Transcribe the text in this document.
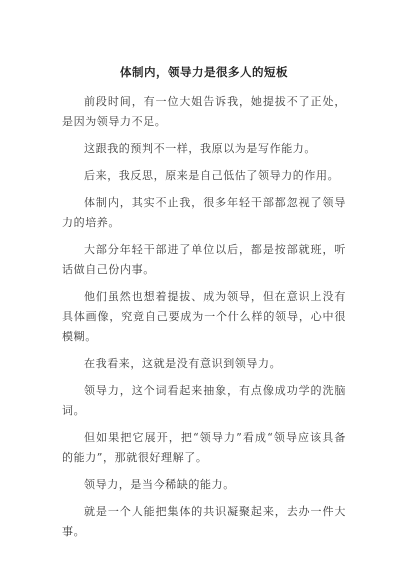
体制内，领导力是很多人的短板

前段时间，有一位大姐告诉我，她提拔不了正处，是因为领导力不足。

这跟我的预判不一样，我原以为是写作能力。

后来，我反思，原来是自己低估了领导力的作用。

体制内，其实不止我，很多年轻干部都忽视了领导力的培养。

大部分年轻干部进了单位以后，都是按部就班，听话做自己份内事。

他们虽然也想着提拔、成为领导，但在意识上没有具体画像，究竟自己要成为一个什么样的领导，心中很模糊。

在我看来，这就是没有意识到领导力。

领导力，这个词看起来抽象，有点像成功学的洗脑词。

但如果把它展开，把“领导力”看成“领导应该具备的能力”，那就很好理解了。

领导力，是当今稀缺的能力。

就是一个人能把集体的共识凝聚起来，去办一件大事。
